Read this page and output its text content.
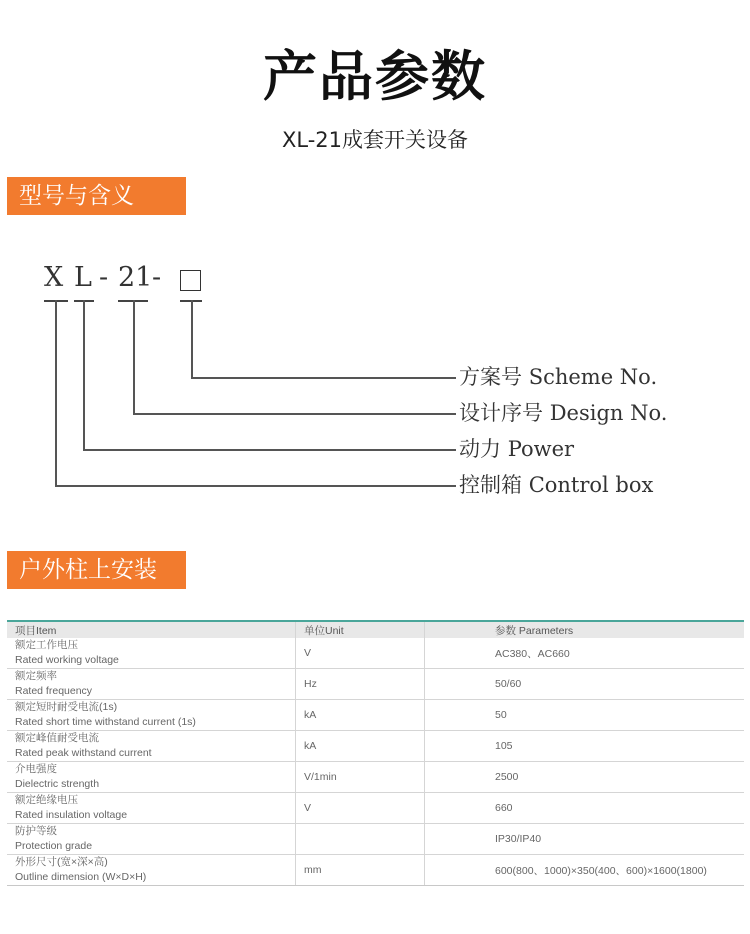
产品参数
XL-21成套开关设备
型号与含义
X L - 21 -
方案号 Scheme No.
设计序号 Design No.
动力 Power
控制箱 Control box
户外柱上安装
项目Item	单位Unit	参数 Parameters

额定工作电压
Rated working voltage	V	AC380、AC660

额定频率
Rated frequency	Hz	50/60

额定短时耐受电流(1s)
Rated short time withstand current (1s)	kA	50

额定峰值耐受电流
Rated peak withstand current	kA	105

介电强度
Dielectric strength	V/1min	2500

额定绝缘电压
Rated insulation voltage	V	660

防护等级
Protection grade		IP30/IP40

外形尺寸(宽×深×高)
Outline dimension (W×D×H)	mm	600(800、1000)×350(400、600)×1600(1800)
